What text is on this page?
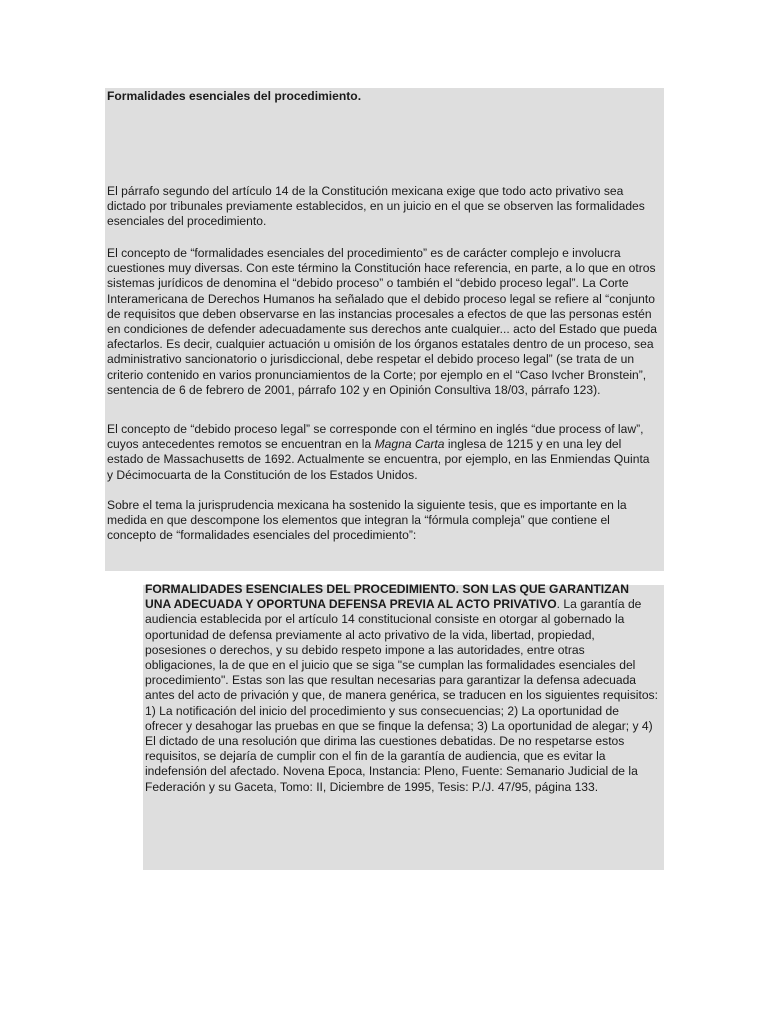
Formalidades esenciales del procedimiento.

El párrafo segundo del artículo 14 de la Constitución mexicana exige que todo acto privativo sea dictado por tribunales previamente establecidos, en un juicio en el que se observen las formalidades esenciales del procedimiento.

El concepto de “formalidades esenciales del procedimiento” es de carácter complejo e involucra cuestiones muy diversas. Con este término la Constitución hace referencia, en parte, a lo que en otros sistemas jurídicos de denomina el “debido proceso” o también el “debido proceso legal”. La Corte Interamericana de Derechos Humanos ha señalado que el debido proceso legal se refiere al “conjunto de requisitos que deben observarse en las instancias procesales a efectos de que las personas estén en condiciones de defender adecuadamente sus derechos ante cualquier... acto del Estado que pueda afectarlos. Es decir, cualquier actuación u omisión de los órganos estatales dentro de un proceso, sea administrativo sancionatorio o jurisdiccional, debe respetar el debido proceso legal” (se trata de un criterio contenido en varios pronunciamientos de la Corte; por ejemplo en el “Caso Ivcher Bronstein”, sentencia de 6 de febrero de 2001, párrafo 102 y en Opinión Consultiva 18/03, párrafo 123).

El concepto de “debido proceso legal” se corresponde con el término en inglés “due process of law”, cuyos antecedentes remotos se encuentran en la Magna Carta inglesa de 1215 y en una ley del estado de Massachusetts de 1692. Actualmente se encuentra, por ejemplo, en las Enmiendas Quinta y Décimocuarta de la Constitución de los Estados Unidos.

Sobre el tema la jurisprudencia mexicana ha sostenido la siguiente tesis, que es importante en la medida en que descompone los elementos que integran la “fórmula compleja” que contiene el concepto de “formalidades esenciales del procedimiento”:

FORMALIDADES ESENCIALES DEL PROCEDIMIENTO. SON LAS QUE GARANTIZAN UNA ADECUADA Y OPORTUNA DEFENSA PREVIA AL ACTO PRIVATIVO. La garantía de audiencia establecida por el artículo 14 constitucional consiste en otorgar al gobernado la oportunidad de defensa previamente al acto privativo de la vida, libertad, propiedad, posesiones o derechos, y su debido respeto impone a las autoridades, entre otras obligaciones, la de que en el juicio que se siga "se cumplan las formalidades esenciales del procedimiento". Estas son las que resultan necesarias para garantizar la defensa adecuada antes del acto de privación y que, de manera genérica, se traducen en los siguientes requisitos: 1) La notificación del inicio del procedimiento y sus consecuencias; 2) La oportunidad de ofrecer y desahogar las pruebas en que se finque la defensa; 3) La oportunidad de alegar; y 4) El dictado de una resolución que dirima las cuestiones debatidas. De no respetarse estos requisitos, se dejaría de cumplir con el fin de la garantía de audiencia, que es evitar la indefensión del afectado. Novena Epoca, Instancia: Pleno, Fuente: Semanario Judicial de la Federación y su Gaceta, Tomo: II, Diciembre de 1995, Tesis: P./J. 47/95, página 133.
